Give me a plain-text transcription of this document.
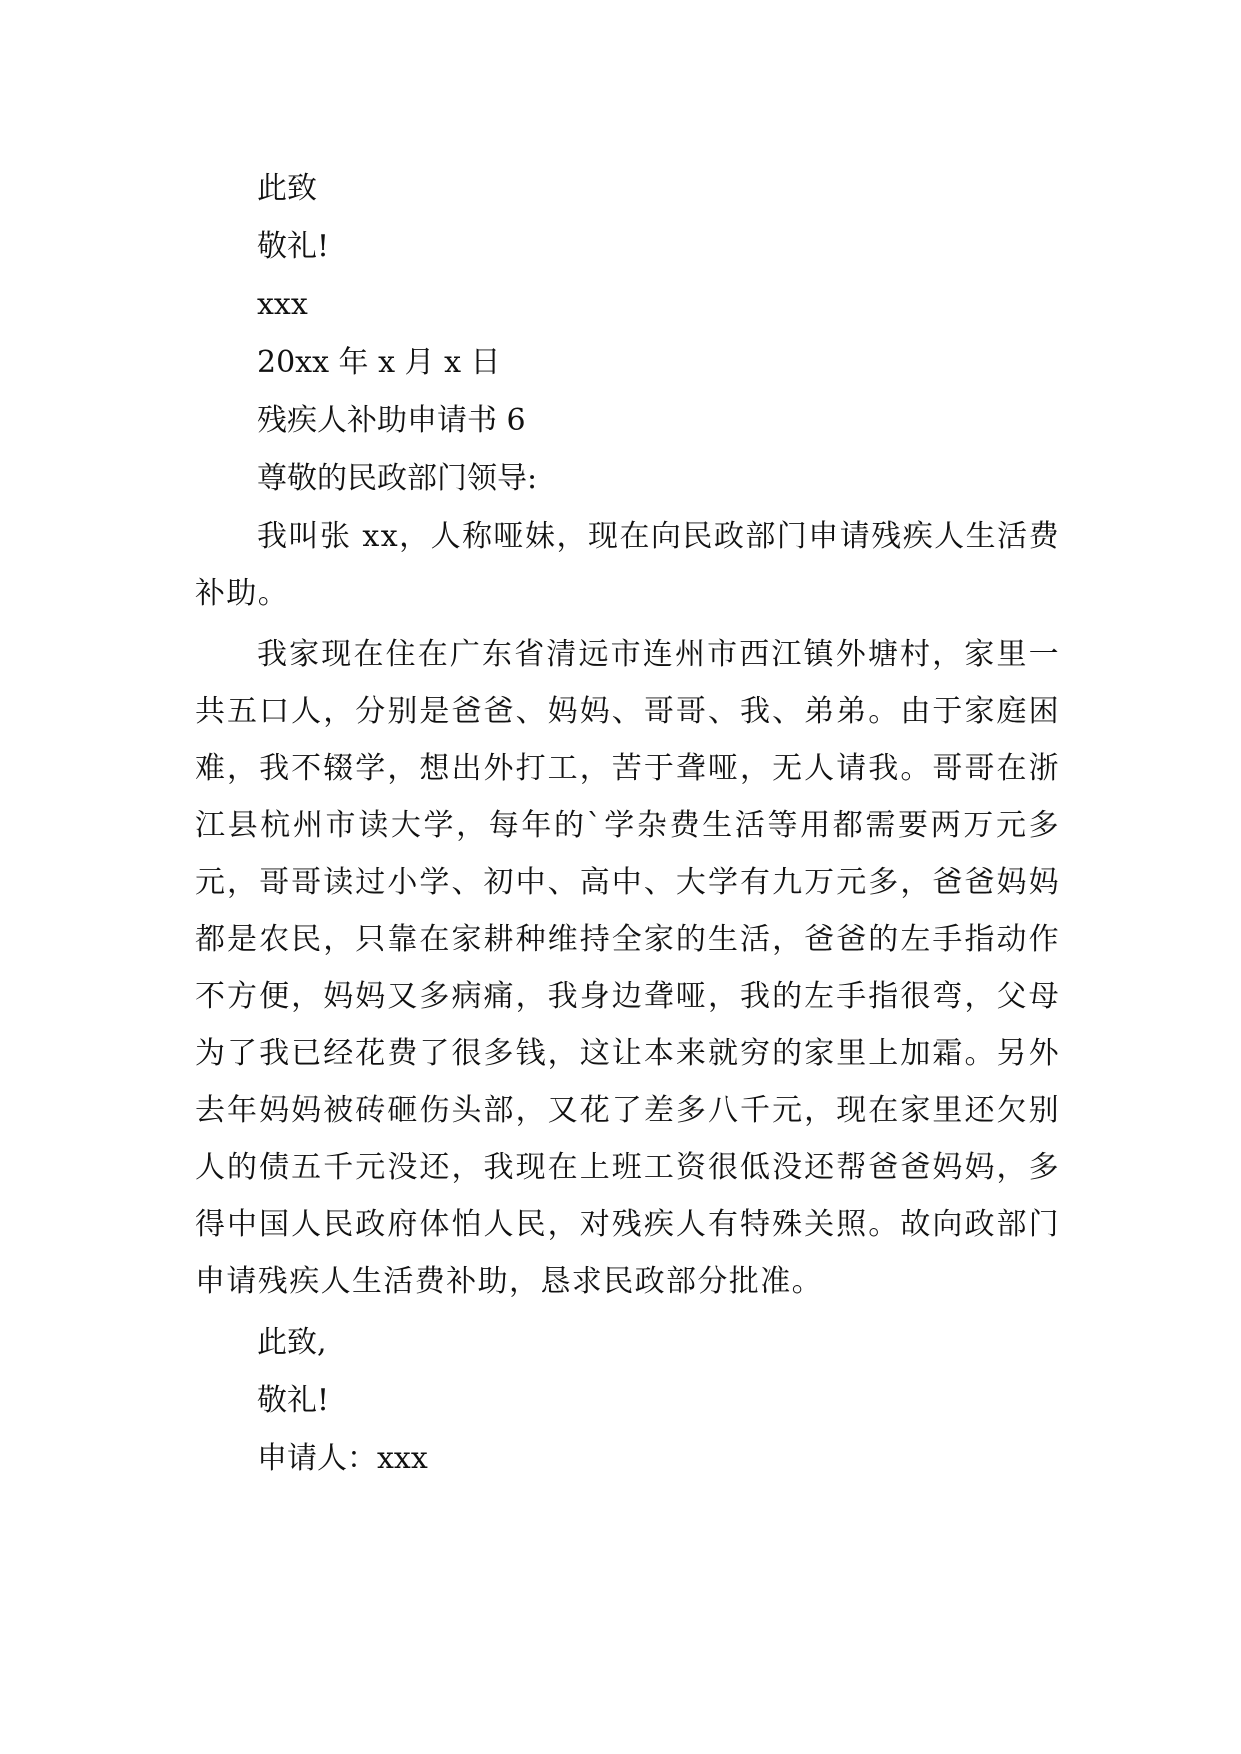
此致
敬礼!
xxx
20xx 年 x 月 x 日
残疾人补助申请书 6
尊敬的民政部门领导:

我叫张 xx，人称哑妹，现在向民政部门申请残疾人生活费补助。

我家现在住在广东省清远市连州市西江镇外塘村，家里一共五口人，分别是爸爸、妈妈、哥哥、我、弟弟。由于家庭困难，我不辍学，想出外打工，苦于聋哑，无人请我。哥哥在浙江县杭州市读大学，每年的`学杂费生活等用都需要两万元多元，哥哥读过小学、初中、高中、大学有九万元多，爸爸妈妈都是农民，只靠在家耕种维持全家的生活，爸爸的左手指动作不方便，妈妈又多病痛，我身边聋哑，我的左手指很弯，父母为了我已经花费了很多钱，这让本来就穷的家里上加霜。另外去年妈妈被砖砸伤头部，又花了差多八千元，现在家里还欠别人的债五千元没还，我现在上班工资很低没还帮爸爸妈妈，多得中国人民政府体怕人民，对残疾人有特殊关照。故向政部门申请残疾人生活费补助，恳求民政部分批准。

此致,
敬礼!
申请人：xxx
